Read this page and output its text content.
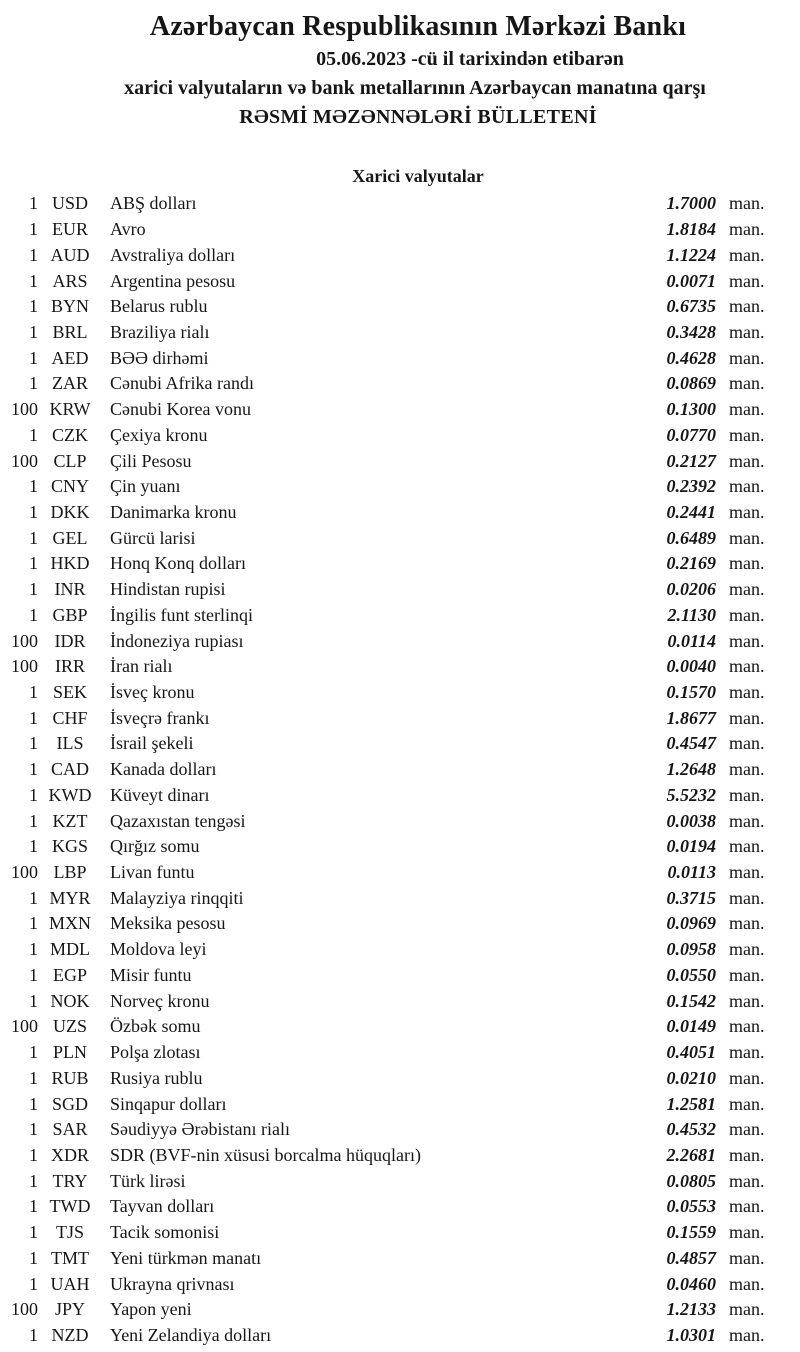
Azərbaycan Respublikasının Mərkəzi Bankı
05.06.2023 -cü il tarixindən etibarən
xarici valyutaların və bank metallarının Azərbaycan manatına qarşı
RƏSMİ MƏZƏNNƏLƏRİ BÜLLETENİ
Xarici valyutalar
1 USD	ABŞ dolları	1.7000 man.
1 EUR	Avro	1.8184 man.
1 AUD	Avstraliya dolları	1.1224 man.
1 ARS	Argentina pesosu	0.0071 man.
1 BYN	Belarus rublu	0.6735 man.
1 BRL	Braziliya rialı	0.3428 man.
1 AED	BƏƏ dirhəmi	0.4628 man.
1 ZAR	Cənubi Afrika randı	0.0869 man.
100 KRW	Cənubi Korea vonu	0.1300 man.
1 CZK	Çexiya kronu	0.0770 man.
100 CLP	Çili Pesosu	0.2127 man.
1 CNY	Çin yuanı	0.2392 man.
1 DKK	Danimarka kronu	0.2441 man.
1 GEL	Gürcü larisi	0.6489 man.
1 HKD	Honq Konq dolları	0.2169 man.
1 INR	Hindistan rupisi	0.0206 man.
1 GBP	İngilis funt sterlinqi	2.1130 man.
100 IDR	İndoneziya rupiası	0.0114 man.
100 IRR	İran rialı	0.0040 man.
1 SEK	İsveç kronu	0.1570 man.
1 CHF	İsveçrə frankı	1.8677 man.
1	ILS	İsrail şekeli	0.4547 man.
1 CAD	Kanada dolları	1.2648 man.
1 KWD	Küveyt dinarı	5.5232 man.
1 KZT	Qazaxıstan tengəsi	0.0038 man.
1 KGS	Qırğız somu	0.0194 man.
100 LBP	Livan funtu	0.0113 man.
1 MYR	Malayziya rinqqiti	0.3715 man.
1 MXN	Meksika pesosu	0.0969 man.
1 MDL	Moldova leyi	0.0958 man.
1 EGP	Misir funtu	0.0550 man.
1 NOK	Norveç kronu	0.1542 man.
100 UZS	Özbək somu	0.0149 man.
1 PLN	Polşa zlotası	0.4051 man.
1 RUB	Rusiya rublu	0.0210 man.
1 SGD	Sinqapur dolları	1.2581 man.
1 SAR	Səudiyyə Ərəbistanı rialı	0.4532 man.
1 XDR	SDR (BVF-nin xüsusi borcalma hüquqları)	2.2681 man.
1 TRY	Türk lirəsi	0.0805 man.
1 TWD	Tayvan dolları	0.0553 man.
1 TJS	Tacik somonisi	0.1559 man.
1 TMT	Yeni türkmən manatı	0.4857 man.
1 UAH	Ukrayna qrivnası	0.0460 man.
100 JPY	Yapon yeni	1.2133 man.
1 NZD	Yeni Zelandiya dolları	1.0301 man.
